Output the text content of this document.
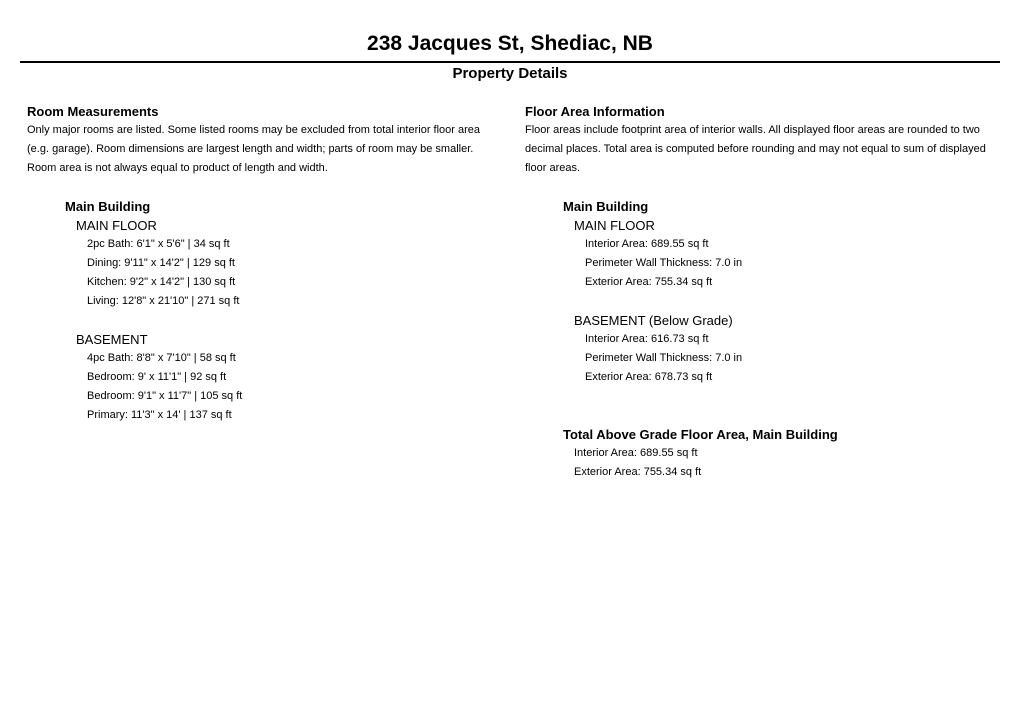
238 Jacques St, Shediac, NB
Property Details
Room Measurements
Only major rooms are listed. Some listed rooms may be excluded from total interior floor area
(e.g. garage). Room dimensions are largest length and width; parts of room may be smaller.
Room area is not always equal to product of length and width.
Main Building
MAIN FLOOR
2pc Bath: 6'1" x 5'6" | 34 sq ft
Dining: 9'11" x 14'2" | 129 sq ft
Kitchen: 9'2" x 14'2" | 130 sq ft
Living: 12'8" x 21'10" | 271 sq ft
BASEMENT
4pc Bath: 8'8" x 7'10" | 58 sq ft
Bedroom: 9' x 11'1" | 92 sq ft
Bedroom: 9'1" x 11'7" | 105 sq ft
Primary: 11'3" x 14' | 137 sq ft
Floor Area Information
Floor areas include footprint area of interior walls. All displayed floor areas are rounded to two
decimal places. Total area is computed before rounding and may not equal to sum of displayed
floor areas.
Main Building
MAIN FLOOR
Interior Area: 689.55 sq ft
Perimeter Wall Thickness: 7.0 in
Exterior Area: 755.34 sq ft
BASEMENT (Below Grade)
Interior Area: 616.73 sq ft
Perimeter Wall Thickness: 7.0 in
Exterior Area: 678.73 sq ft
Total Above Grade Floor Area, Main Building
Interior Area: 689.55 sq ft
Exterior Area: 755.34 sq ft
